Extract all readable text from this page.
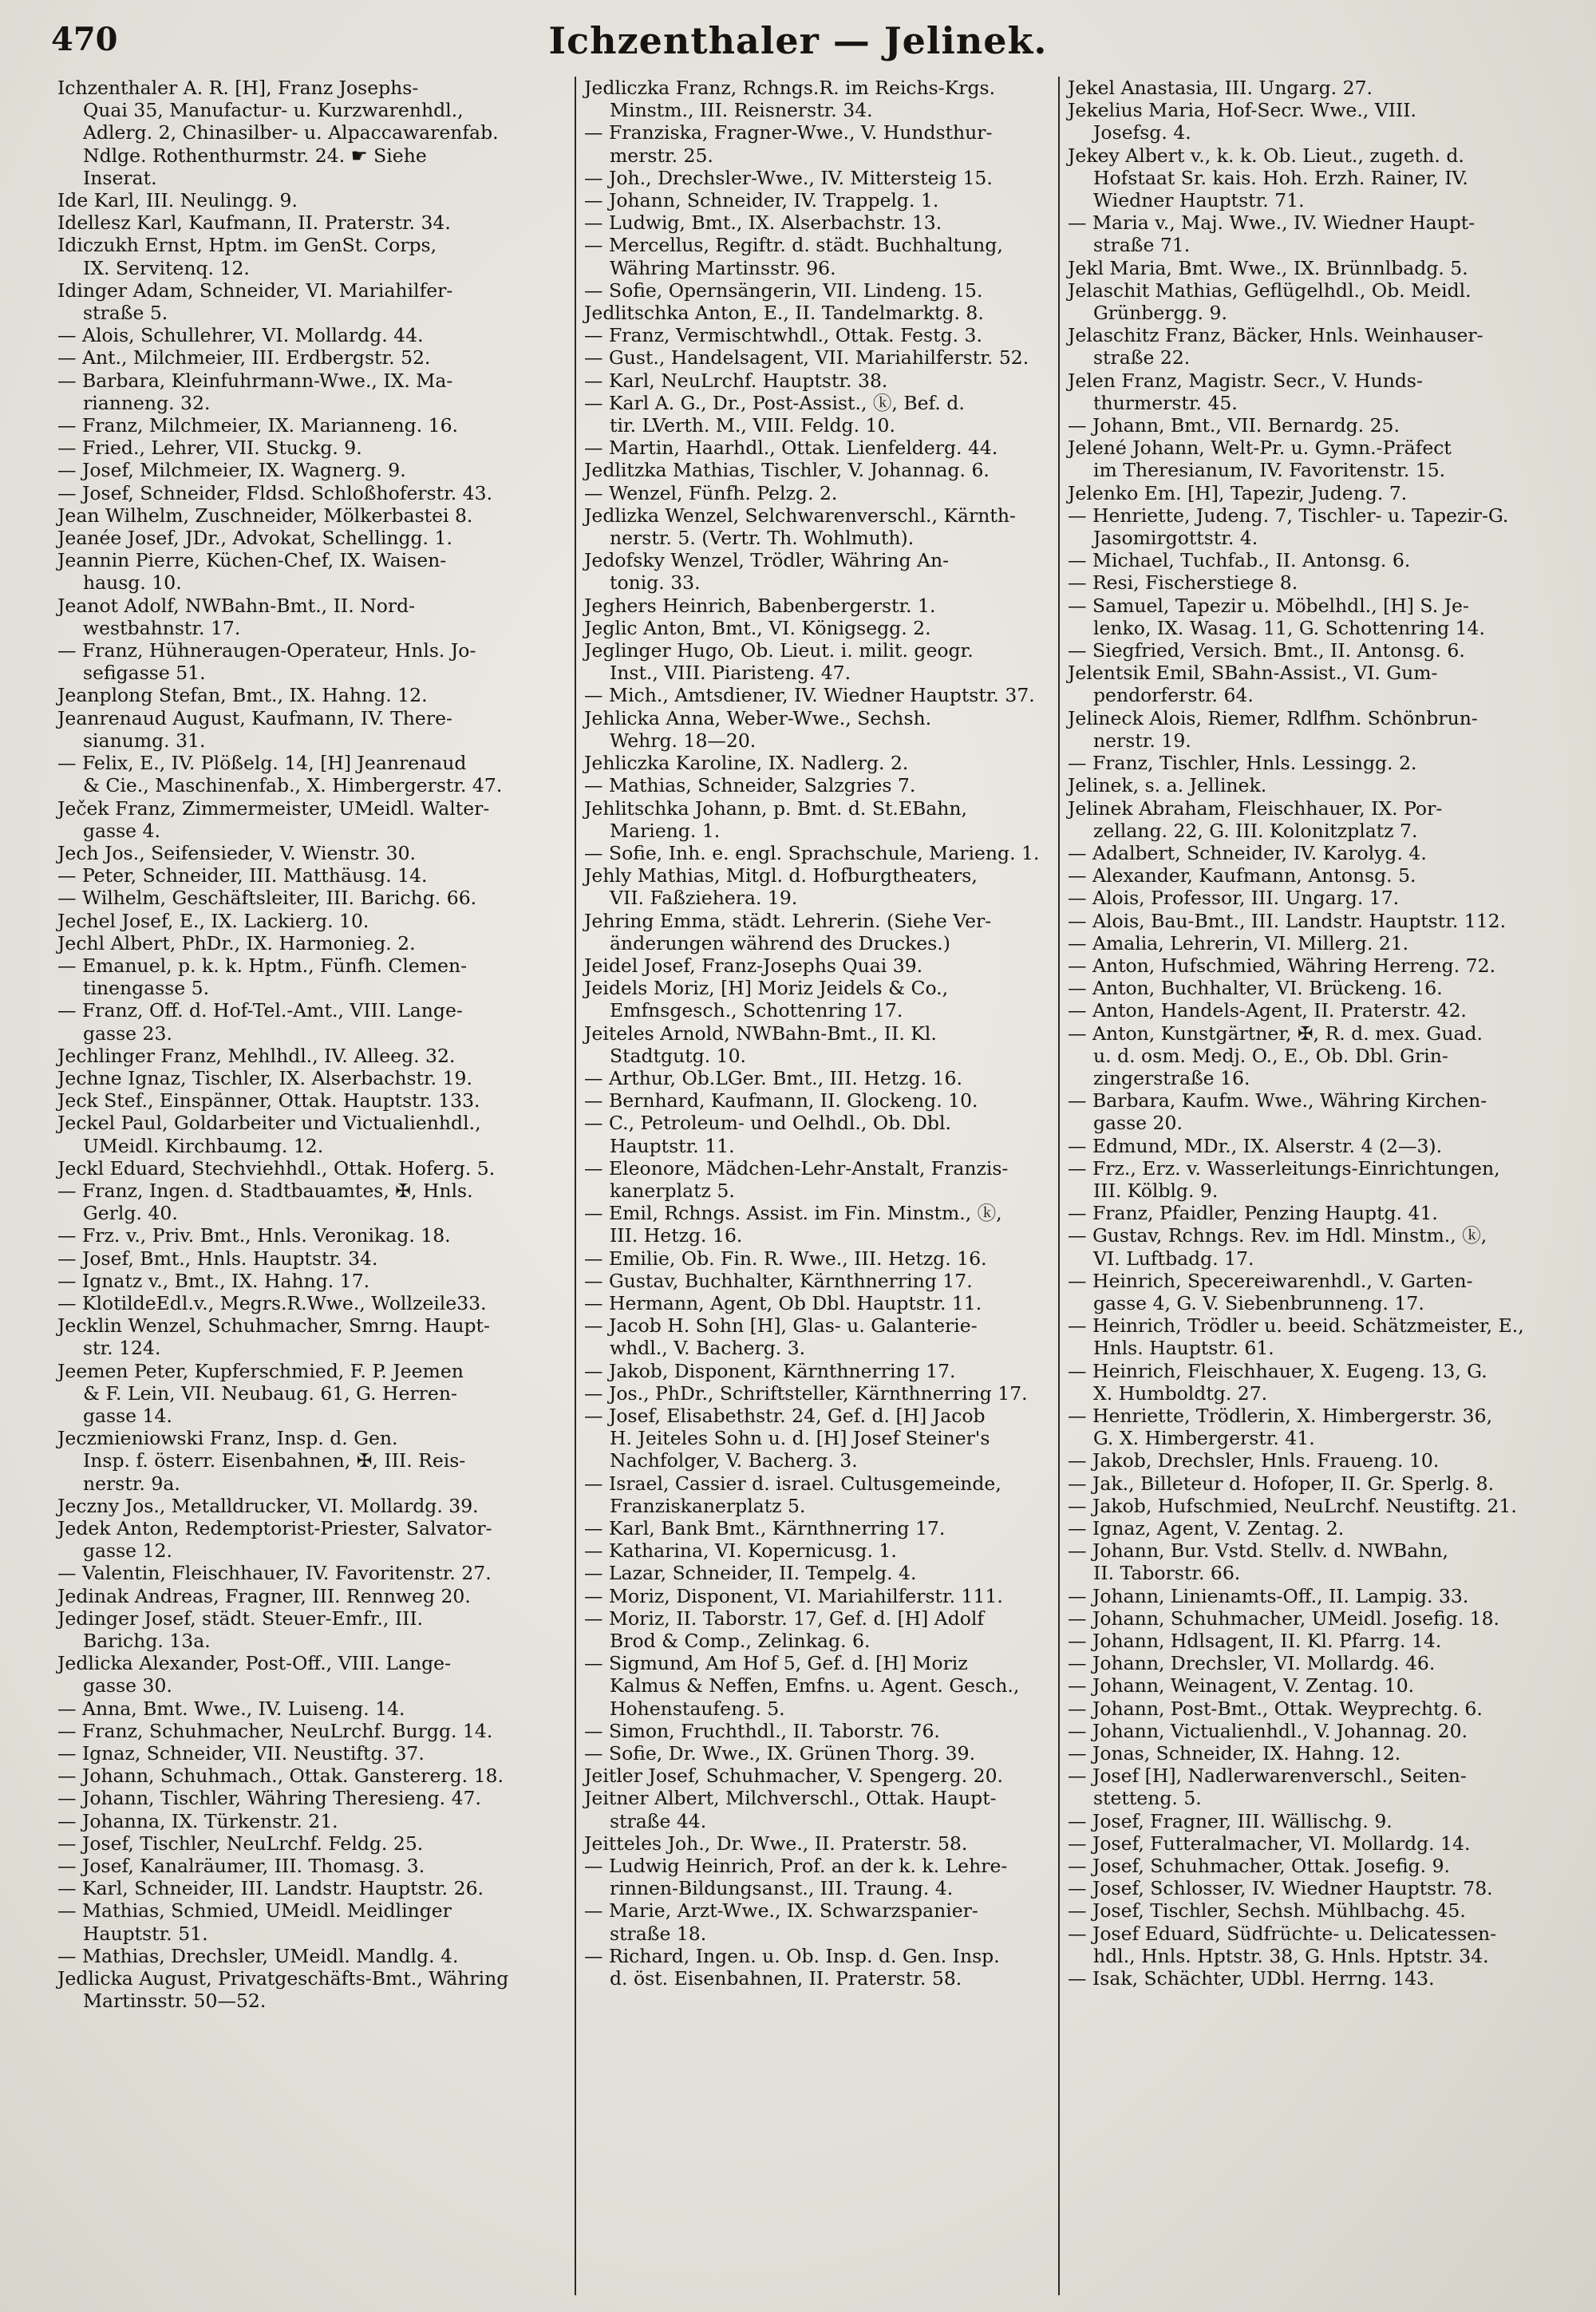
470	Ichzenthaler — Jelinek.

Ichzenthaler A. R. [H], Franz Josephs-
Quai 35, Manufactur- u. Kurzwarenhdl.,
Adlerg. 2, Chinasilber- u. Alpaccawarenfab.
Ndlge. Rothenthurmstr. 24. ☛ Siehe
Inserat.

Ide Karl, III. Neulingg. 9.

Idellesz Karl, Kaufmann, II. Praterstr. 34.

Idiczukh Ernst, Hptm. im GenSt. Corps,
IX. Servitenq. 12.

Idinger Adam, Schneider, VI. Mariahilfer-
straße 5.

— Alois, Schullehrer, VI. Mollardg. 44.

— Ant., Milchmeier, III. Erdbergstr. 52.

— Barbara, Kleinfuhrmann-Wwe., IX. Ma-
rianneng. 32.

— Franz, Milchmeier, IX. Marianneng. 16.

— Fried., Lehrer, VII. Stuckg. 9.

— Josef, Milchmeier, IX. Wagnerg. 9.

— Josef, Schneider, Fldsd. Schloßhoferstr. 43.

Jean Wilhelm, Zuschneider, Mölkerbastei 8.

Jeanée Josef, JDr., Advokat, Schellingg. 1.

Jeannin Pierre, Küchen-Chef, IX. Waisen-
hausg. 10.

Jeanot Adolf, NWBahn-Bmt., II. Nord-
westbahnstr. 17.

— Franz, Hühneraugen-Operateur, Hnls. Jo-
sefigasse 51.

Jeanplong Stefan, Bmt., IX. Hahng. 12.

Jeanrenaud August, Kaufmann, IV. There-
sianumg. 31.

— Felix, E., IV. Plößelg. 14, [H] Jeanrenaud
& Cie., Maschinenfab., X. Himbergerstr. 47.

Ječek Franz, Zimmermeister, UMeidl. Walter-
gasse 4.

Jech Jos., Seifensieder, V. Wienstr. 30.

— Peter, Schneider, III. Matthäusg. 14.

— Wilhelm, Geschäftsleiter, III. Barichg. 66.

Jechel Josef, E., IX. Lackierg. 10.

Jechl Albert, PhDr., IX. Harmonieg. 2.

— Emanuel, p. k. k. Hptm., Fünfh. Clemen-
tinengasse 5.

— Franz, Off. d. Hof-Tel.-Amt., VIII. Lange-
gasse 23.

Jechlinger Franz, Mehlhdl., IV. Alleeg. 32.

Jechne Ignaz, Tischler, IX. Alserbachstr. 19.

Jeck Stef., Einspänner, Ottak. Hauptstr. 133.

Jeckel Paul, Goldarbeiter und Victualienhdl.,
UMeidl. Kirchbaumg. 12.

Jeckl Eduard, Stechviehhdl., Ottak. Hoferg. 5.

— Franz, Ingen. d. Stadtbauamtes, ✠, Hnls.
Gerlg. 40.

— Frz. v., Priv. Bmt., Hnls. Veronikag. 18.

— Josef, Bmt., Hnls. Hauptstr. 34.

— Ignatz v., Bmt., IX. Hahng. 17.

— KlotildeEdl.v., Megrs.R.Wwe., Wollzeile33.

Jecklin Wenzel, Schuhmacher, Smrng. Haupt-
str. 124.

Jeemen Peter, Kupferschmied, F. P. Jeemen
& F. Lein, VII. Neubaug. 61, G. Herren-
gasse 14.

Jeczmieniowski Franz, Insp. d. Gen.
Insp. f. österr. Eisenbahnen, ✠, III. Reis-
nerstr. 9a.

Jeczny Jos., Metalldrucker, VI. Mollardg. 39.

Jedek Anton, Redemptorist-Priester, Salvator-
gasse 12.

— Valentin, Fleischhauer, IV. Favoritenstr. 27.

Jedinak Andreas, Fragner, III. Rennweg 20.

Jedinger Josef, städt. Steuer-Emfr., III.
Barichg. 13a.

Jedlicka Alexander, Post-Off., VIII. Lange-
gasse 30.

— Anna, Bmt. Wwe., IV. Luiseng. 14.

— Franz, Schuhmacher, NeuLrchf. Burgg. 14.

— Ignaz, Schneider, VII. Neustiftg. 37.

— Johann, Schuhmach., Ottak. Ganstererg. 18.

— Johann, Tischler, Währing Theresieng. 47.

— Johanna, IX. Türkenstr. 21.

— Josef, Tischler, NeuLrchf. Feldg. 25.

— Josef, Kanalräumer, III. Thomasg. 3.

— Karl, Schneider, III. Landstr. Hauptstr. 26.

— Mathias, Schmied, UMeidl. Meidlinger
Hauptstr. 51.

— Mathias, Drechsler, UMeidl. Mandlg. 4.

Jedlicka August, Privatgeschäfts-Bmt., Währing
Martinsstr. 50—52.

Jedliczka Franz, Rchngs.R. im Reichs-Krgs.
Minstm., III. Reisnerstr. 34.

— Franziska, Fragner-Wwe., V. Hundsthur-
merstr. 25.

— Joh., Drechsler-Wwe., IV. Mittersteig 15.

— Johann, Schneider, IV. Trappelg. 1.

— Ludwig, Bmt., IX. Alserbachstr. 13.

— Mercellus, Regiftr. d. städt. Buchhaltung,
Währing Martinsstr. 96.

— Sofie, Opernsängerin, VII. Lindeng. 15.

Jedlitschka Anton, E., II. Tandelmarktg. 8.

— Franz, Vermischtwhdl., Ottak. Festg. 3.

— Gust., Handelsagent, VII. Mariahilferstr. 52.

— Karl, NeuLrchf. Hauptstr. 38.

— Karl A. G., Dr., Post-Assist., ⓚ, Bef. d.
tir. LVerth. M., VIII. Feldg. 10.

— Martin, Haarhdl., Ottak. Lienfelderg. 44.

Jedlitzka Mathias, Tischler, V. Johannag. 6.

— Wenzel, Fünfh. Pelzg. 2.

Jedlizka Wenzel, Selchwarenverschl., Kärnth-
nerstr. 5. (Vertr. Th. Wohlmuth).

Jedofsky Wenzel, Trödler, Währing An-
tonig. 33.

Jeghers Heinrich, Babenbergerstr. 1.

Jeglic Anton, Bmt., VI. Königsegg. 2.

Jeglinger Hugo, Ob. Lieut. i. milit. geogr.
Inst., VIII. Piaristeng. 47.

— Mich., Amtsdiener, IV. Wiedner Hauptstr. 37.

Jehlicka Anna, Weber-Wwe., Sechsh.
Wehrg. 18—20.

Jehliczka Karoline, IX. Nadlerg. 2.

— Mathias, Schneider, Salzgries 7.

Jehlitschka Johann, p. Bmt. d. St.EBahn,
Marieng. 1.

— Sofie, Inh. e. engl. Sprachschule, Marieng. 1.

Jehly Mathias, Mitgl. d. Hofburgtheaters,
VII. Faßziehera. 19.

Jehring Emma, städt. Lehrerin. (Siehe Ver-
änderungen während des Druckes.)

Jeidel Josef, Franz-Josephs Quai 39.

Jeidels Moriz, [H] Moriz Jeidels & Co.,
Emfnsgesch., Schottenring 17.

Jeiteles Arnold, NWBahn-Bmt., II. Kl.
Stadtgutg. 10.

— Arthur, Ob.LGer. Bmt., III. Hetzg. 16.

— Bernhard, Kaufmann, II. Glockeng. 10.

— C., Petroleum- und Oelhdl., Ob. Dbl.
Hauptstr. 11.

— Eleonore, Mädchen-Lehr-Anstalt, Franzis-
kanerplatz 5.

— Emil, Rchngs. Assist. im Fin. Minstm., ⓚ,
III. Hetzg. 16.

— Emilie, Ob. Fin. R. Wwe., III. Hetzg. 16.

— Gustav, Buchhalter, Kärnthnerring 17.

— Hermann, Agent, Ob Dbl. Hauptstr. 11.

— Jacob H. Sohn [H], Glas- u. Galanterie-
whdl., V. Bacherg. 3.

— Jakob, Disponent, Kärnthnerring 17.

— Jos., PhDr., Schriftsteller, Kärnthnerring 17.

— Josef, Elisabethstr. 24, Gef. d. [H] Jacob
H. Jeiteles Sohn u. d. [H] Josef Steiner's
Nachfolger, V. Bacherg. 3.

— Israel, Cassier d. israel. Cultusgemeinde,
Franziskanerplatz 5.

— Karl, Bank Bmt., Kärnthnerring 17.

— Katharina, VI. Kopernicusg. 1.

— Lazar, Schneider, II. Tempelg. 4.

— Moriz, Disponent, VI. Mariahilferstr. 111.

— Moriz, II. Taborstr. 17, Gef. d. [H] Adolf
Brod & Comp., Zelinkag. 6.

— Sigmund, Am Hof 5, Gef. d. [H] Moriz
Kalmus & Neffen, Emfns. u. Agent. Gesch.,
Hohenstaufeng. 5.

— Simon, Fruchthdl., II. Taborstr. 76.

— Sofie, Dr. Wwe., IX. Grünen Thorg. 39.

Jeitler Josef, Schuhmacher, V. Spengerg. 20.

Jeitner Albert, Milchverschl., Ottak. Haupt-
straße 44.

Jeitteles Joh., Dr. Wwe., II. Praterstr. 58.

— Ludwig Heinrich, Prof. an der k. k. Lehre-
rinnen-Bildungsanst., III. Traung. 4.

— Marie, Arzt-Wwe., IX. Schwarzspanier-
straße 18.

— Richard, Ingen. u. Ob. Insp. d. Gen. Insp.
d. öst. Eisenbahnen, II. Praterstr. 58.

Jekel Anastasia, III. Ungarg. 27.

Jekelius Maria, Hof-Secr. Wwe., VIII.
Josefsg. 4.

Jekey Albert v., k. k. Ob. Lieut., zugeth. d.
Hofstaat Sr. kais. Hoh. Erzh. Rainer, IV.
Wiedner Hauptstr. 71.

— Maria v., Maj. Wwe., IV. Wiedner Haupt-
straße 71.

Jekl Maria, Bmt. Wwe., IX. Brünnlbadg. 5.

Jelaschit Mathias, Geflügelhdl., Ob. Meidl.
Grünbergg. 9.

Jelaschitz Franz, Bäcker, Hnls. Weinhauser-
straße 22.

Jelen Franz, Magistr. Secr., V. Hunds-
thurmerstr. 45.

— Johann, Bmt., VII. Bernardg. 25.

Jelené Johann, Welt-Pr. u. Gymn.-Präfect
im Theresianum, IV. Favoritenstr. 15.

Jelenko Em. [H], Tapezir, Judeng. 7.

— Henriette, Judeng. 7, Tischler- u. Tapezir-G.
Jasomirgottstr. 4.

— Michael, Tuchfab., II. Antonsg. 6.

— Resi, Fischerstiege 8.

— Samuel, Tapezir u. Möbelhdl., [H] S. Je-
lenko, IX. Wasag. 11, G. Schottenring 14.

— Siegfried, Versich. Bmt., II. Antonsg. 6.

Jelentsik Emil, SBahn-Assist., VI. Gum-
pendorferstr. 64.

Jelineck Alois, Riemer, Rdlfhm. Schönbrun-
nerstr. 19.

— Franz, Tischler, Hnls. Lessingg. 2.

Jelinek, s. a. Jellinek.

Jelinek Abraham, Fleischhauer, IX. Por-
zellang. 22, G. III. Kolonitzplatz 7.

— Adalbert, Schneider, IV. Karolyg. 4.

— Alexander, Kaufmann, Antonsg. 5.

— Alois, Professor, III. Ungarg. 17.

— Alois, Bau-Bmt., III. Landstr. Hauptstr. 112.

— Amalia, Lehrerin, VI. Millerg. 21.

— Anton, Hufschmied, Währing Herreng. 72.

— Anton, Buchhalter, VI. Brückeng. 16.

— Anton, Handels-Agent, II. Praterstr. 42.

— Anton, Kunstgärtner, ✠, R. d. mex. Guad.
u. d. osm. Medj. O., E., Ob. Dbl. Grin-
zingerstraße 16.

— Barbara, Kaufm. Wwe., Währing Kirchen-
gasse 20.

— Edmund, MDr., IX. Alserstr. 4 (2—3).

— Frz., Erz. v. Wasserleitungs-Einrichtungen,
III. Kölblg. 9.

— Franz, Pfaidler, Penzing Hauptg. 41.

— Gustav, Rchngs. Rev. im Hdl. Minstm., ⓚ,
VI. Luftbadg. 17.

— Heinrich, Specereiwarenhdl., V. Garten-
gasse 4, G. V. Siebenbrunneng. 17.

— Heinrich, Trödler u. beeid. Schätzmeister, E.,
Hnls. Hauptstr. 61.

— Heinrich, Fleischhauer, X. Eugeng. 13, G.
X. Humboldtg. 27.

— Henriette, Trödlerin, X. Himbergerstr. 36,
G. X. Himbergerstr. 41.

— Jakob, Drechsler, Hnls. Fraueng. 10.

— Jak., Billeteur d. Hofoper, II. Gr. Sperlg. 8.

— Jakob, Hufschmied, NeuLrchf. Neustiftg. 21.

— Ignaz, Agent, V. Zentag. 2.

— Johann, Bur. Vstd. Stellv. d. NWBahn,
II. Taborstr. 66.

— Johann, Linienamts-Off., II. Lampig. 33.

— Johann, Schuhmacher, UMeidl. Josefig. 18.

— Johann, Hdlsagent, II. Kl. Pfarrg. 14.

— Johann, Drechsler, VI. Mollardg. 46.

— Johann, Weinagent, V. Zentag. 10.

— Johann, Post-Bmt., Ottak. Weyprechtg. 6.

— Johann, Victualienhdl., V. Johannag. 20.

— Jonas, Schneider, IX. Hahng. 12.

— Josef [H], Nadlerwarenverschl., Seiten-
stetteng. 5.

— Josef, Fragner, III. Wällischg. 9.

— Josef, Futteralmacher, VI. Mollardg. 14.

— Josef, Schuhmacher, Ottak. Josefig. 9.

— Josef, Schlosser, IV. Wiedner Hauptstr. 78.

— Josef, Tischler, Sechsh. Mühlbachg. 45.

— Josef Eduard, Südfrüchte- u. Delicatessen-
hdl., Hnls. Hptstr. 38, G. Hnls. Hptstr. 34.

— Isak, Schächter, UDbl. Herrng. 143.
